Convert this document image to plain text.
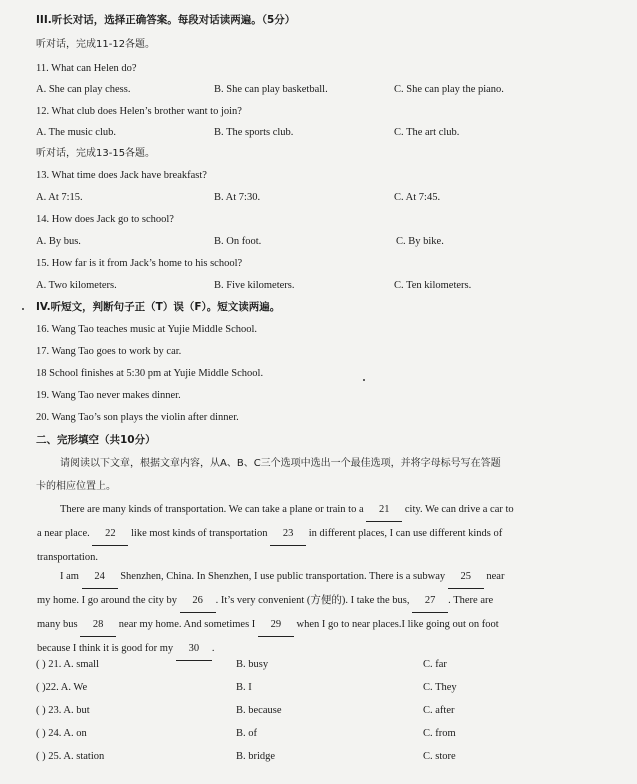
III.听长对话，选择正确答案。每段对话读两遍。（5分）
听对话，完成11-12各题。
11. What can Helen do?
A. She can play chess.	B. She can play basketball.	C. She can play the piano.
12. What club does Helen’s brother want to join?
A. The music club.	B. The sports club.	C. The art club.
听对话，完成13-15各题。
13. What time does Jack have breakfast?
A. At 7:15.	B. At 7:30.	C. At 7:45.
14. How does Jack go to school?
A. By bus.	B. On foot.	C. By bike.
15. How far is it from Jack’s home to his school?
A. Two kilometers.	B. Five kilometers.	C. Ten kilometers.
IV.听短文，判断句子正（T）误（F）。短文读两遍。
16. Wang Tao teaches music at Yujie Middle School.
17. Wang Tao goes to work by car.
18 School finishes at 5:30 pm at Yujie Middle School.
19. Wang Tao never makes dinner.
20. Wang Tao’s son plays the violin after dinner.
二、完形填空（共10分）
请阅读以下文章，根据文章内容，从A、B、C三个选项中选出一个最佳选项，并将字母标号写在答题
卡的相应位置上。
There are many kinds of transportation. We can take a plane or train to a 21 city. We can drive a car to
a near place. 22 like most kinds of transportation 23 in different places, I can use different kinds of
transportation.
I am 24 Shenzhen, China. In Shenzhen, I use public transportation. There is a subway 25 near
my home. I go around the city by 26 . It’s very convenient (方便的). I take the bus, 27 . There are
many bus 28 near my home. And sometimes I 29 when I go to near places.I like going out on foot
because I think it is good for my 30 .
( ) 21. A. small	B. busy	C. far
( )22. A. We	B. I	C. They
( ) 23. A. but	B. because	C. after
( ) 24. A. on	B. of	C. from
( ) 25. A. station	B. bridge	C. store
